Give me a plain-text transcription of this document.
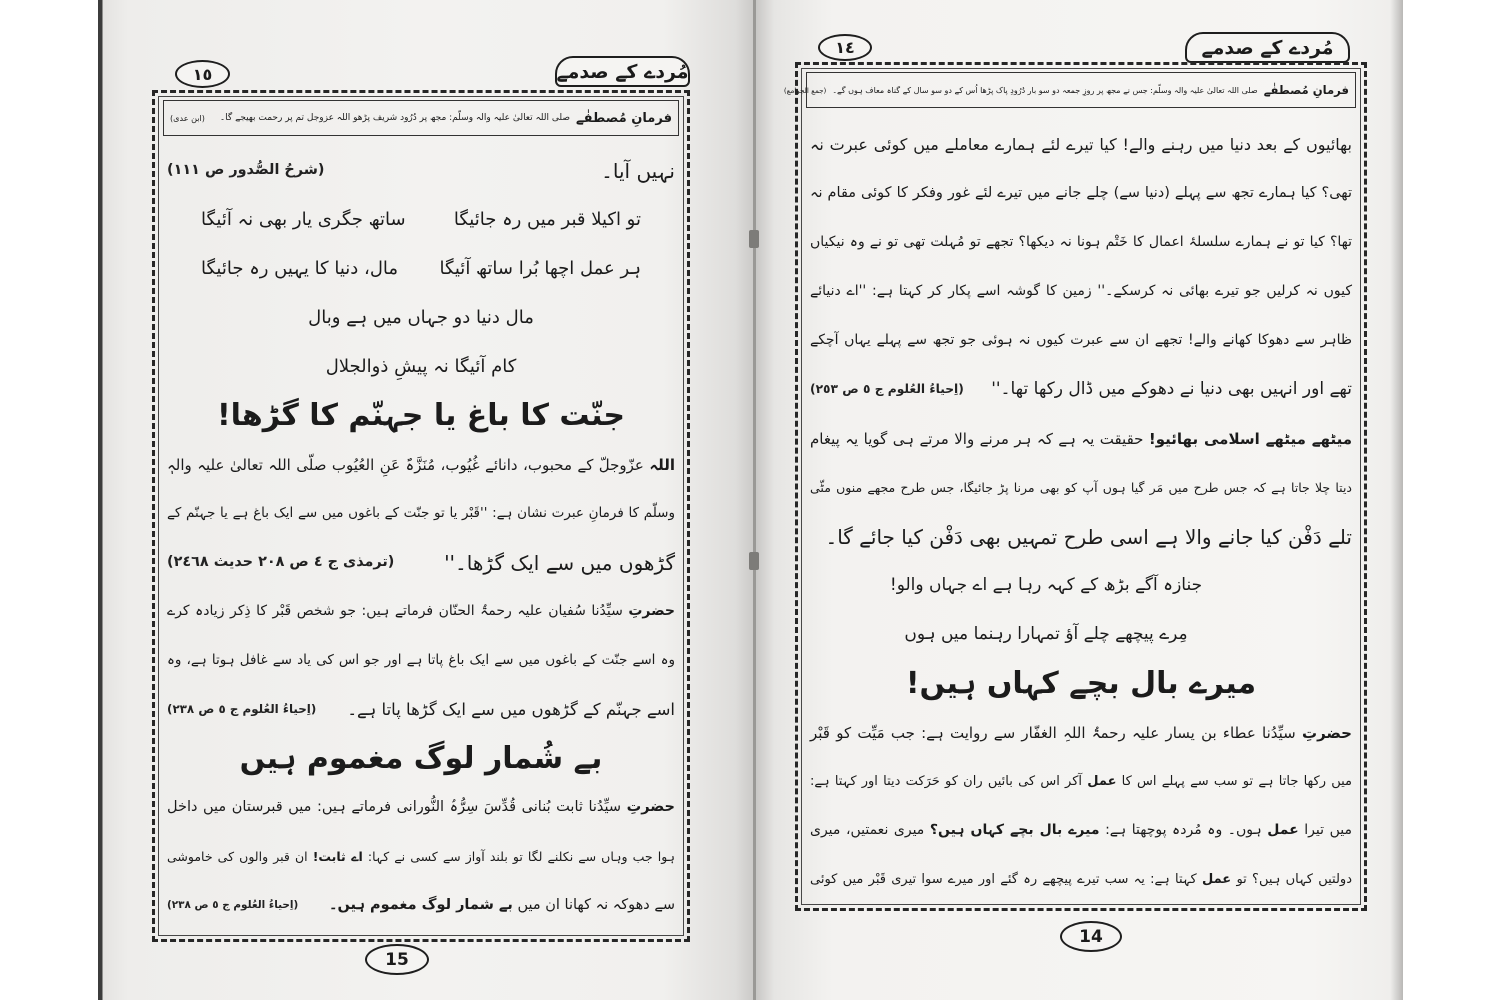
١٥	مُردے کے صدمے
فرمانِ مُصطفٰے
صلی اللہ تعالیٰ علیہ والہ وسلّم: مجھ پر دُرُود شریف پڑھو اللہ عزوجل تم پر رحمت بھیجے گا۔
(ابن عدی)
نہیں آیا۔
(شرحُ الصُّدور ص ١١١)
تو اکیلا قبر میں رہ جائیگا
ساتھ جگری یار بھی نہ آئیگا
ہر عمل اچھا بُرا ساتھ آئیگا
مال، دنیا کا یہیں رہ جائیگا
مال دنیا دو جہاں میں ہے وبال
کام آئیگا نہ پیشِ ذوالجلال
جنّت کا باغ یا جہنّم کا گڑھا!
اللہ عزّوجلّ کے محبوب، دانائے غُیُوب، مُنَزَّہٌ عَنِ العُیُوب صلّی اللہ تعالیٰ علیہ والہٖ
وسلّم کا فرمانِ عبرت نشان ہے: ''قَبْر یا تو جنّت کے باغوں میں سے ایک باغ ہے یا جہنّم کے
گڑھوں میں سے ایک گڑھا۔''
(ترمذی ج ٤ ص ٢٠٨ حدیث ٢٤٦٨)
حضرتِ سیِّدُنا سُفیان علیہ رحمۃُ الحنّان فرماتے ہیں: جو شخص قَبْر کا ذِکر زیادہ کرے
وہ اسے جنّت کے باغوں میں سے ایک باغ پاتا ہے اور جو اس کی یاد سے غافل ہوتا ہے، وہ
اسے جہنّم کے گڑھوں میں سے ایک گڑھا پاتا ہے۔
(اِحیاءُ العُلوم ج ٥ ص ٢٣٨)
بے شُمار لوگ مغموم ہیں
حضرتِ سیِّدُنا ثابت بُنانی قُدِّسَ سِرُّہُ النُّورانی فرماتے ہیں: میں قبرستان میں داخل
ہوا جب وہاں سے نکلنے لگا تو بلند آواز سے کسی نے کہا: اے ثابت! ان قبر والوں کی خاموشی
سے دھوکہ نہ کھانا ان میں بے شمار لوگ مغموم ہیں۔
(اِحیاءُ العُلوم ج ٥ ص ٢٣٨)
15
١٤	مُردے کے صدمے
فرمانِ مُصطفٰے
صلی اللہ تعالیٰ علیہ والہ وسلّم: جس نے مجھ پر روزِ جمعہ دو سو بار دُرُودِ پاک پڑھا اُس کے دو سو سال کے گناہ معاف ہوں گے۔
(جمع الجوامع)
بھائیوں کے بعد دنیا میں رہنے والے! کیا تیرے لئے ہمارے معاملے میں کوئی عبرت نہ
تھی؟ کیا ہمارے تجھ سے پہلے (دنیا سے) چلے جانے میں تیرے لئے غور وفکر کا کوئی مقام نہ
تھا؟ کیا تو نے ہمارے سلسلۂ اعمال کا خَتْم ہونا نہ دیکھا؟ تجھے تو مُہلت تھی تو نے وہ نیکیاں
کیوں نہ کرلیں جو تیرے بھائی نہ کرسکے۔'' زمین کا گوشہ اسے پکار کر کہتا ہے: ''اے دنیائے
ظاہر سے دھوکا کھانے والے! تجھے ان سے عبرت کیوں نہ ہوئی جو تجھ سے پہلے یہاں آچکے
تھے اور انہیں بھی دنیا نے دھوکے میں ڈال رکھا تھا۔''
(اِحیاءُ العُلوم ج ٥ ص ٢٥٣)
میٹھے میٹھے اسلامی بھائیو! حقیقت یہ ہے کہ ہر مرنے والا مرتے ہی گویا یہ پیغام
دیتا چلا جاتا ہے کہ جس طرح میں مَر گیا ہوں آپ کو بھی مرنا پڑ جائیگا، جس طرح مجھے منوں مٹّی
تلے دَفْن کیا جانے والا ہے اسی طرح تمہیں بھی دَفْن کیا جائے گا۔
جنازہ آگے بڑھ کے کہہ رہا ہے اے جہاں والو!
مِرے پیچھے چلے آؤ تمہارا رہنما میں ہوں
میرے بال بچے کہاں ہیں!
حضرتِ سیِّدُنا عطاء بن یسار علیہ رحمۃُ اللہِ الغفّار سے روایت ہے: جب مَیِّت کو قَبْر
میں رکھا جاتا ہے تو سب سے پہلے اس کا عمل آکر اس کی بائیں ران کو حَرَکت دیتا اور کہتا ہے:
میں تیرا عمل ہوں۔ وہ مُردہ پوچھتا ہے: میرے بال بچے کہاں ہیں؟ میری نعمتیں، میری
دولتیں کہاں ہیں؟ تو عمل کہتا ہے: یہ سب تیرے پیچھے رہ گئے اور میرے سوا تیری قَبْر میں کوئی
14
